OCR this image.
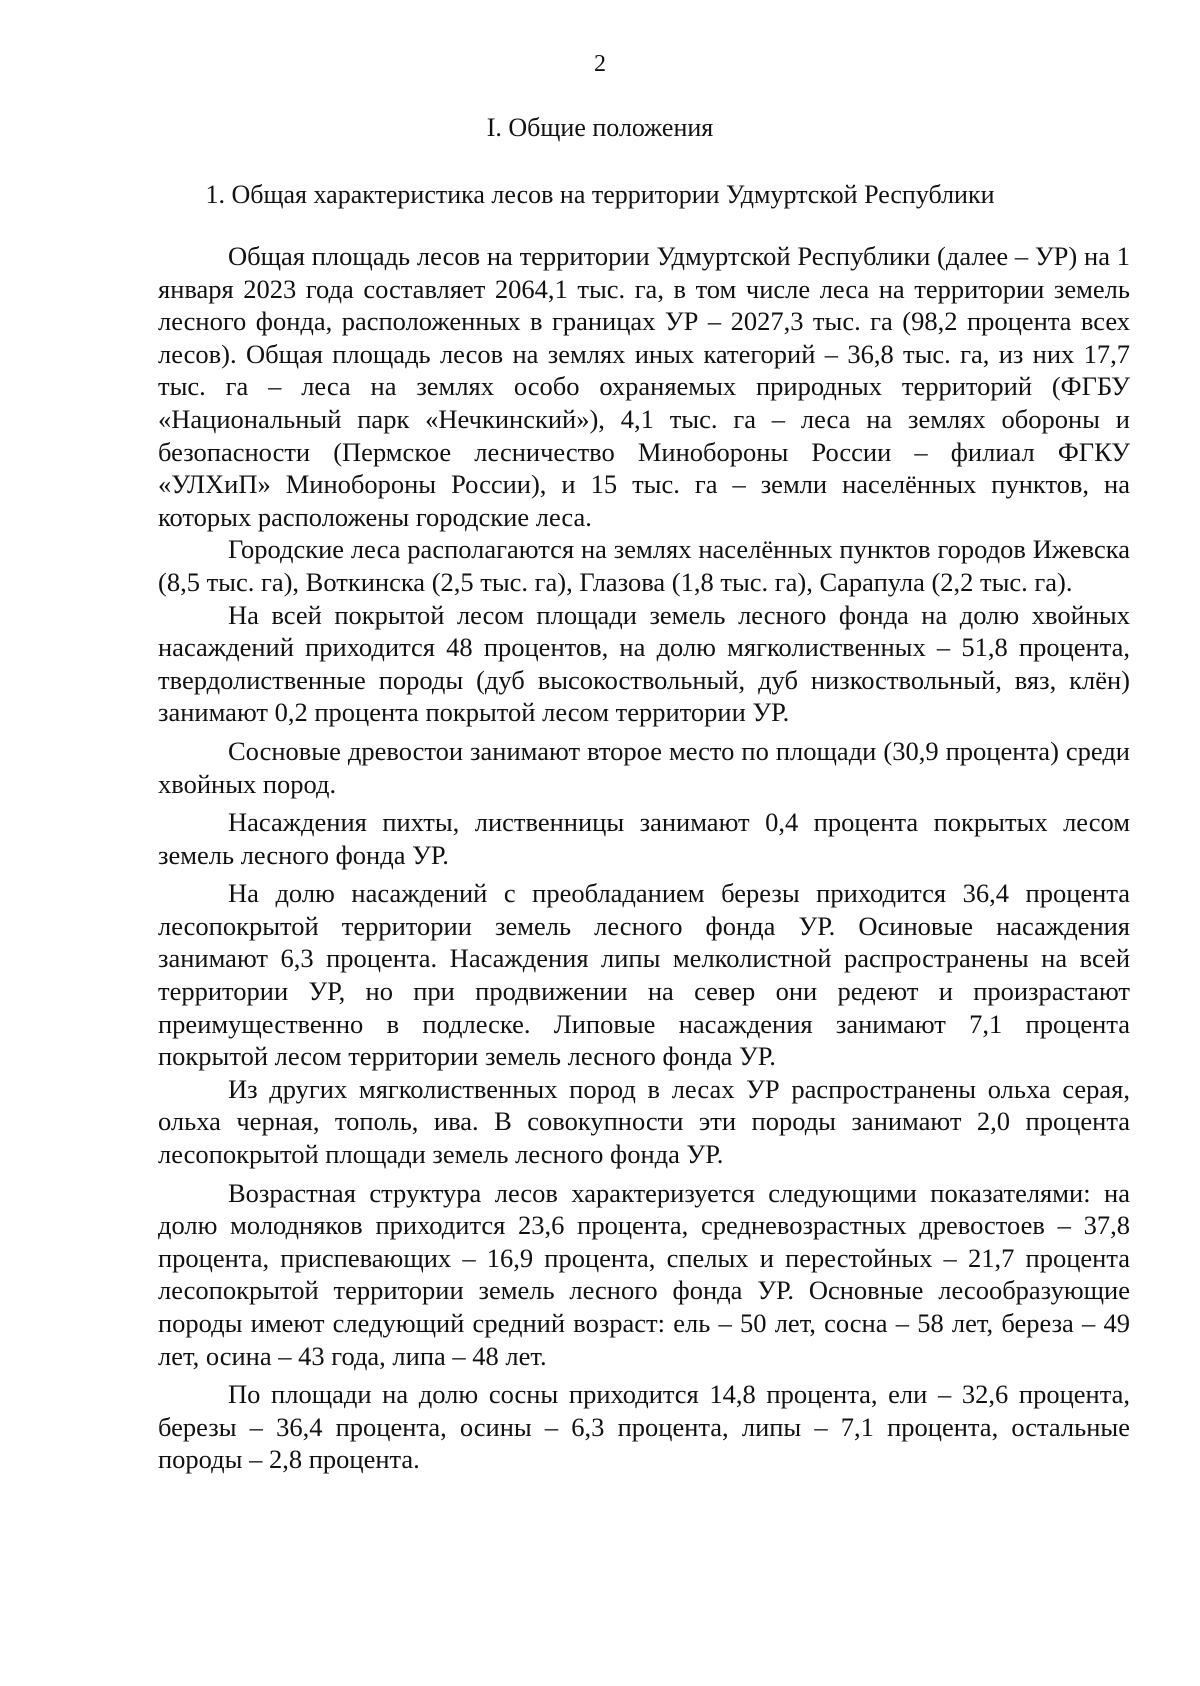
2
I. Общие положения
1. Общая характеристика лесов на территории Удмуртской Республики

Общая площадь лесов на территории Удмуртской Республики (далее – УР) на 1 января 2023 года составляет 2064,1 тыс. га, в том числе леса на территории земель лесного фонда, расположенных в границах УР – 2027,3 тыс. га (98,2 процента всех лесов). Общая площадь лесов на землях иных категорий – 36,8 тыс. га, из них 17,7 тыс. га – леса на землях особо охраняемых природных территорий (ФГБУ «Национальный парк «Нечкинский»), 4,1 тыс. га – леса на землях обороны и безопасности (Пермское лесничество Минобороны России – филиал ФГКУ «УЛХиП» Минобороны России), и 15 тыс. га – земли населённых пунктов, на которых расположены городские леса.

Городские леса располагаются на землях населённых пунктов городов Ижевска (8,5 тыс. га), Воткинска (2,5 тыс. га), Глазова (1,8 тыс. га), Сарапула (2,2 тыс. га).

На всей покрытой лесом площади земель лесного фонда на долю хвойных насаждений приходится 48 процентов, на долю мягколиственных – 51,8 процента, твердолиственные породы (дуб высокоствольный, дуб низкоствольный, вяз, клён) занимают 0,2 процента покрытой лесом территории УР.

Сосновые древостои занимают второе место по площади (30,9 процента) среди хвойных пород.

Насаждения пихты, лиственницы занимают 0,4 процента покрытых лесом земель лесного фонда УР.

На долю насаждений с преобладанием березы приходится 36,4 процента лесопокрытой территории земель лесного фонда УР. Осиновые насаждения занимают 6,3 процента. Насаждения липы мелколистной распространены на всей территории УР, но при продвижении на север они редеют и произрастают преимущественно в подлеске. Липовые насаждения занимают 7,1 процента покрытой лесом территории земель лесного фонда УР.

Из других мягколиственных пород в лесах УР распространены ольха серая, ольха черная, тополь, ива. В совокупности эти породы занимают 2,0 процента лесопокрытой площади земель лесного фонда УР.

Возрастная структура лесов характеризуется следующими показателями: на долю молодняков приходится 23,6 процента, средневозрастных древостоев – 37,8 процента, приспевающих – 16,9 процента, спелых и перестойных – 21,7 процента лесопокрытой территории земель лесного фонда УР. Основные лесообразующие породы имеют следующий средний возраст: ель – 50 лет, сосна – 58 лет, береза – 49 лет, осина – 43 года, липа – 48 лет.

По площади на долю сосны приходится 14,8 процента, ели – 32,6 процента, березы – 36,4 процента, осины – 6,3 процента, липы – 7,1 процента, остальные породы – 2,8 процента.
